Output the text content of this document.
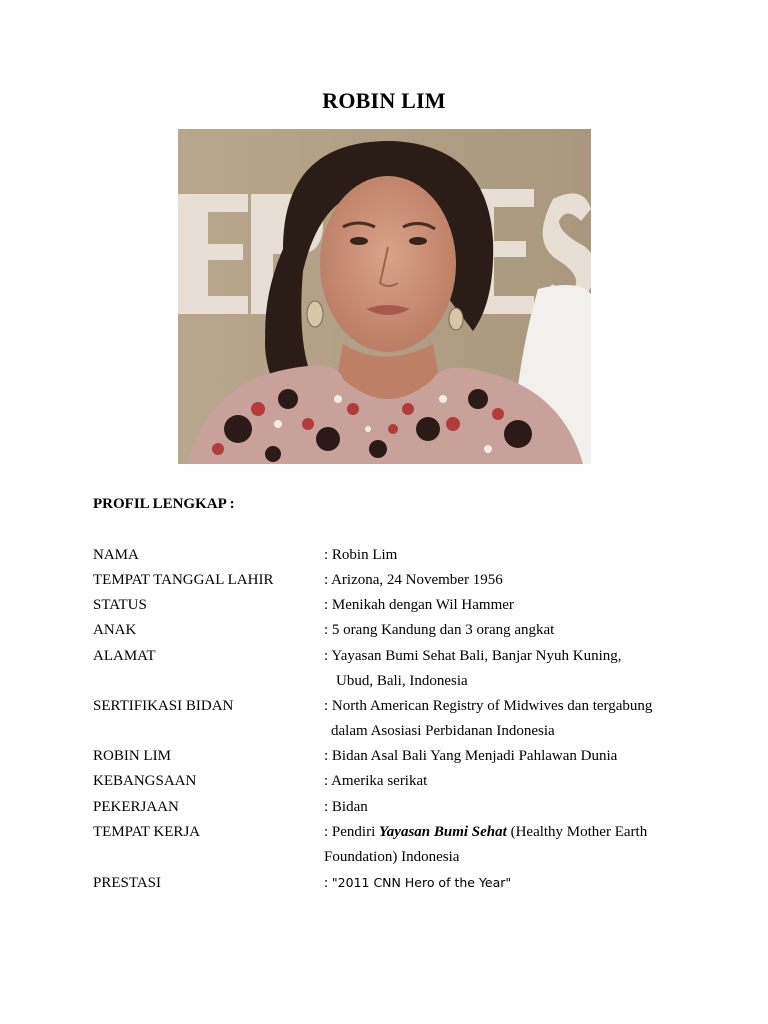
ROBIN LIM
PROFIL LENGKAP :
NAMA	: Robin Lim
TEMPAT TANGGAL LAHIR	: Arizona, 24 November 1956
STATUS	: Menikah dengan Wil Hammer
ANAK	: 5 orang Kandung dan 3 orang angkat
ALAMAT	: Yayasan Bumi Sehat Bali, Banjar Nyuh Kuning,
Ubud, Bali, Indonesia
SERTIFIKASI BIDAN	: North American Registry of Midwives dan tergabung
dalam Asosiasi Perbidanan Indonesia
ROBIN LIM	: Bidan Asal Bali Yang Menjadi Pahlawan Dunia
KEBANGSAAN	: Amerika serikat
PEKERJAAN	: Bidan
TEMPAT KERJA	: Pendiri Yayasan Bumi Sehat (Healthy Mother Earth
Foundation) Indonesia
PRESTASI	: "2011 CNN Hero of the Year"
